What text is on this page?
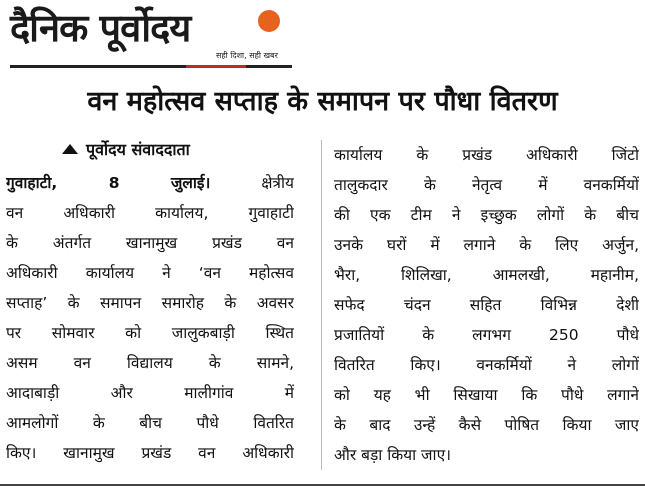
दैनिक पूर्वोदय
सही दिशा, सही खबर
वन महोत्सव सप्ताह के समापन पर पौधा वितरण
पूर्वोदय संवाददाता
गुवाहाटी, 8 जुलाई।	क्षेत्रीय
वन अधिकारी कार्यालय, गुवाहाटी
के अंतर्गत खानामुख प्रखंड वन
अधिकारी कार्यालय ने ‘वन महोत्सव
सप्ताह’ के समापन समारोह के अवसर
पर सोमवार को जालुकबाड़ी स्थित
असम वन विद्यालय के सामने,
आदाबाड़ी और मालीगांव में
आमलोगों के बीच पौधे वितरित
किए। खानामुख प्रखंड वन अधिकारी
कार्यालय के प्रखंड अधिकारी जिंटो
तालुकदार के नेतृत्व में वनकर्मियों
की एक टीम ने इच्छुक लोगों के बीच
उनके घरों में लगाने के लिए अर्जुन,
भैरा, शिलिखा, आमलखी, महानीम,
सफेद चंदन सहित विभिन्न देशी
प्रजातियों के लगभग 250 पौधे
वितरित किए। वनकर्मियों ने लोगों
को यह भी सिखाया कि पौधे लगाने
के बाद उन्हें कैसे पोषित किया जाए
और बड़ा किया जाए।
